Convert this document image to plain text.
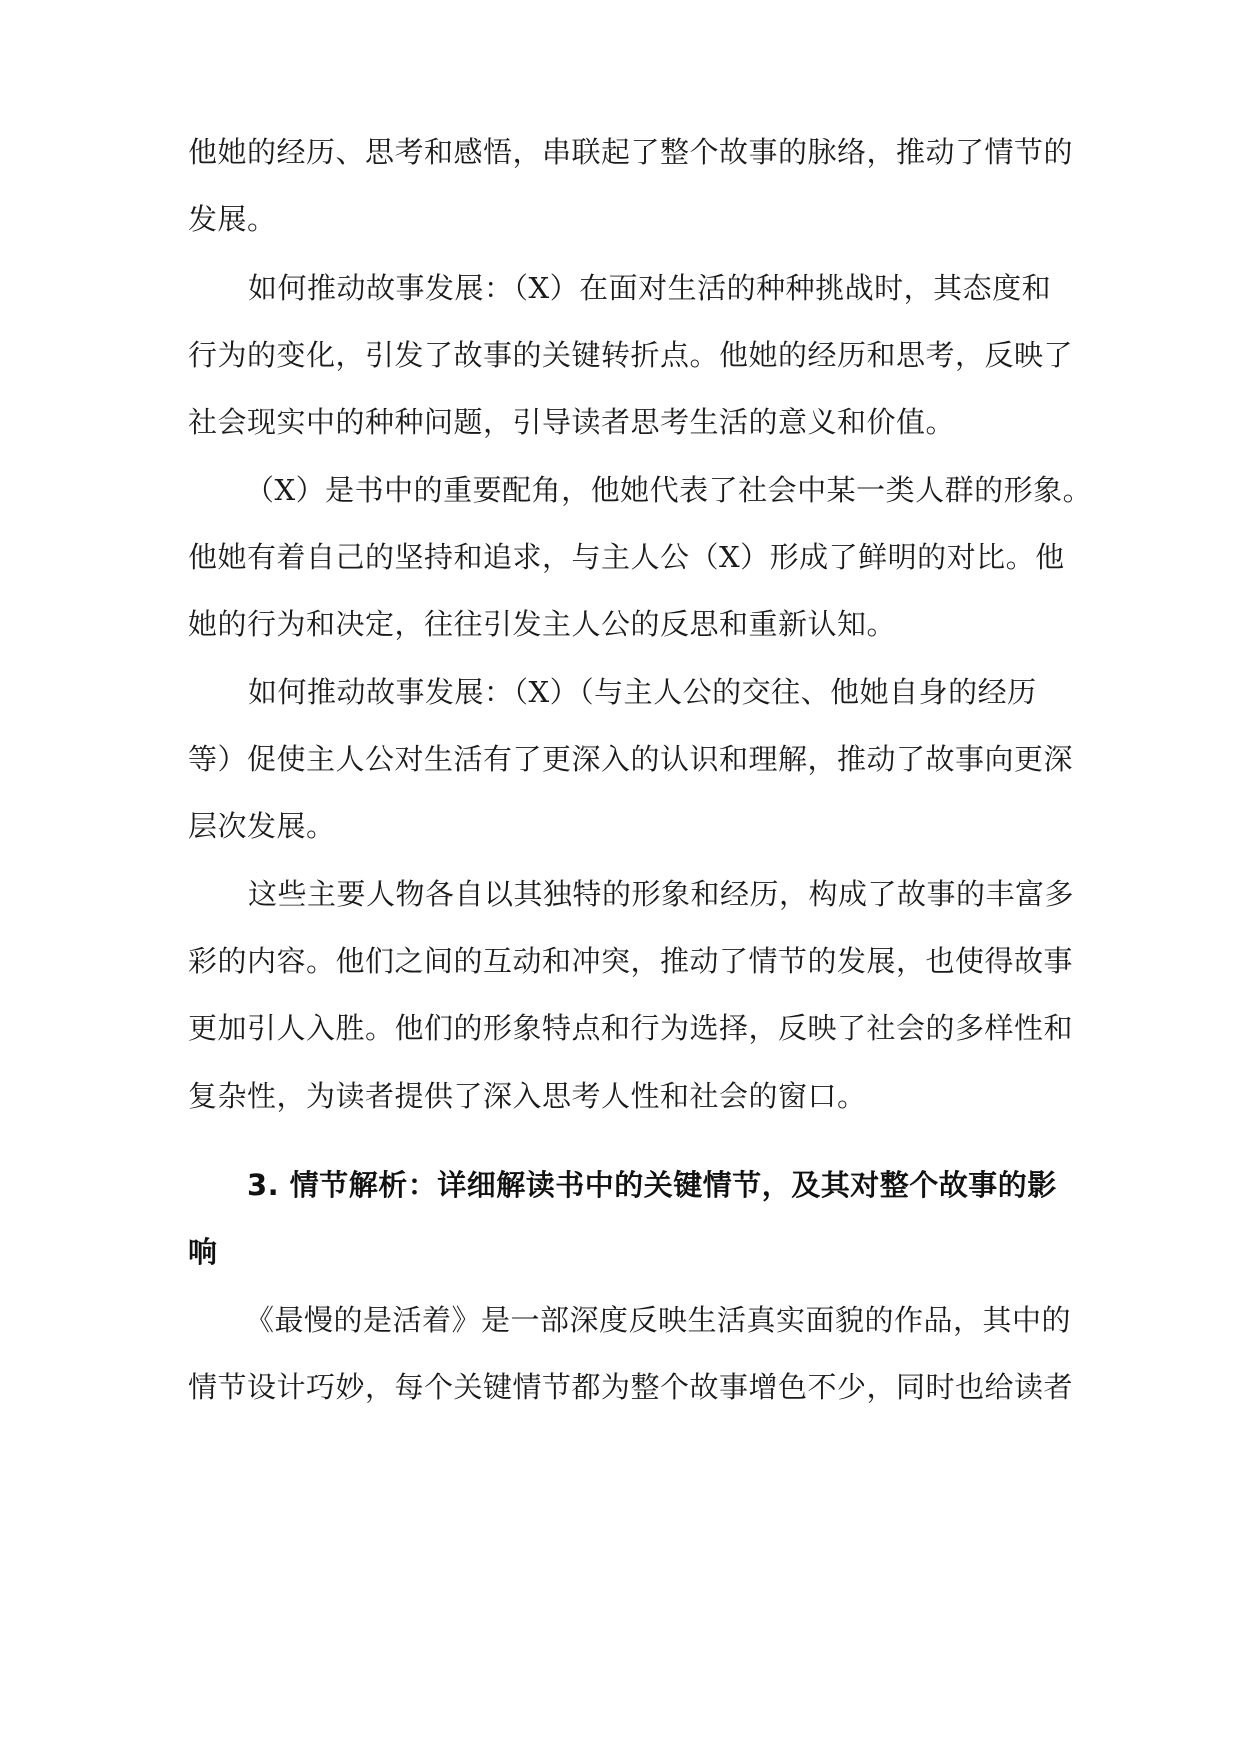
他她的经历、思考和感悟，串联起了整个故事的脉络，推动了情节的
发展。
如何推动故事发展：（X）在面对生活的种种挑战时，其态度和
行为的变化，引发了故事的关键转折点。他她的经历和思考，反映了
社会现实中的种种问题，引导读者思考生活的意义和价值。
（X）是书中的重要配角，他她代表了社会中某一类人群的形象。
他她有着自己的坚持和追求，与主人公（X）形成了鲜明的对比。他
她的行为和决定，往往引发主人公的反思和重新认知。
如何推动故事发展：（X）（与主人公的交往、他她自身的经历
等）促使主人公对生活有了更深入的认识和理解，推动了故事向更深
层次发展。
这些主要人物各自以其独特的形象和经历，构成了故事的丰富多
彩的内容。他们之间的互动和冲突，推动了情节的发展，也使得故事
更加引人入胜。他们的形象特点和行为选择，反映了社会的多样性和
复杂性，为读者提供了深入思考人性和社会的窗口。
3. 情节解析：详细解读书中的关键情节，及其对整个故事的影
响
《最慢的是活着》是一部深度反映生活真实面貌的作品，其中的
情节设计巧妙，每个关键情节都为整个故事增色不少，同时也给读者
